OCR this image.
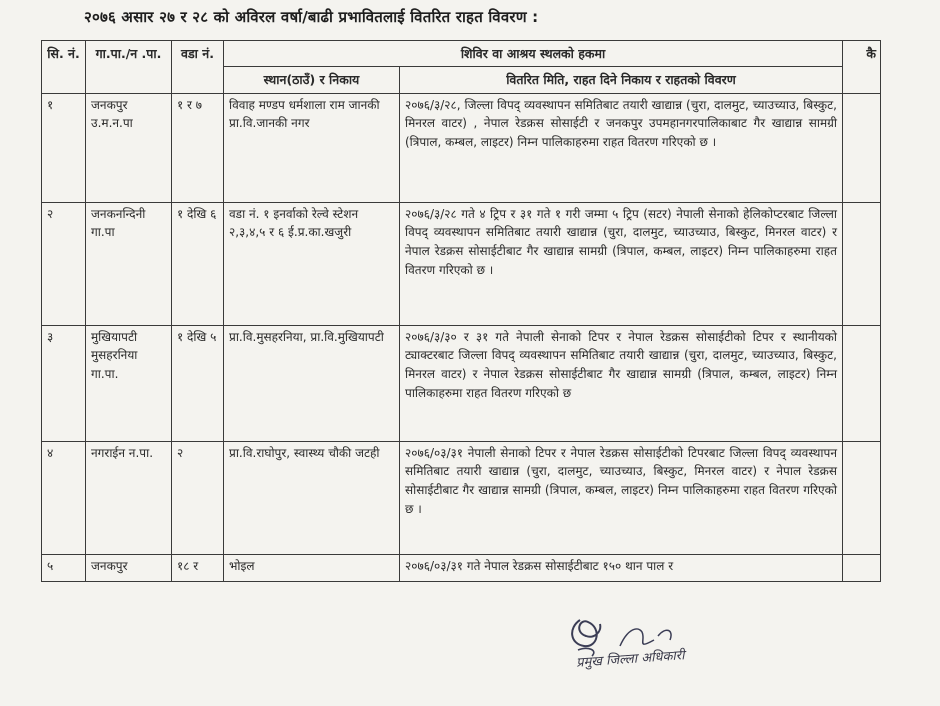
२०७६ असार २७ र २८ को अविरल वर्षा/बाढी प्रभावितलाई वितरित राहत विवरण :
सि. नं.	गा.पा./न .पा.	वडा नं.	शिविर वा आश्रय स्थलको हकमा		कै
			स्थान(ठाउँ) र निकाय	वितरित मिति, राहत दिने निकाय र राहतको विवरण	
१	जनकपुर उ.म.न.पा	१ र ७	विवाह मण्डप धर्मशाला राम जानकी प्रा.वि.जानकी नगर	२०७६/३/२८, जिल्ला विपद् व्यवस्थापन समितिबाट तयारी खाद्यान्न (चुरा, दालमुट, च्याउच्याउ, बिस्कुट, मिनरल वाटर) , नेपाल रेडक्रस सोसाईटी र जनकपुर उपमहानगरपालिकाबाट गैर खाद्यान्न सामग्री (त्रिपाल, कम्बल, लाइटर) निम्न पालिकाहरुमा राहत वितरण गरिएको छ ।	
२	जनकनन्दिनी गा.पा	१ देखि ६	वडा नं. १ इनर्वाको रेल्वे स्टेशन २,३,४,५ र ६ ई.प्र.का.खजुरी	२०७६/३/२८ गते ४ ट्रिप र ३१ गते १ गरी जम्मा ५ ट्रिप (सटर) नेपाली सेनाको हेलिकोप्टरबाट जिल्ला विपद् व्यवस्थापन समितिबाट तयारी खाद्यान्न (चुरा, दालमुट, च्याउच्याउ, बिस्कुट, मिनरल वाटर) र नेपाल रेडक्रस सोसाईटीबाट गैर खाद्यान्न सामग्री (त्रिपाल, कम्बल, लाइटर) निम्न पालिकाहरुमा राहत वितरण गरिएको छ ।	
३	मुखियापटी मुसहरनिया गा.पा.	१ देखि ५	प्रा.वि.मुसहरनिया, प्रा.वि.मुखियापटी	२०७६/३/३० र ३१ गते नेपाली सेनाको टिपर र नेपाल रेडक्रस सोसाईटीको टिपर र स्थानीयको ट्याक्टरबाट जिल्ला विपद् व्यवस्थापन समितिबाट तयारी खाद्यान्न (चुरा, दालमुट, च्याउच्याउ, बिस्कुट, मिनरल वाटर) र नेपाल रेडक्रस सोसाईटीबाट गैर खाद्यान्न सामग्री (त्रिपाल, कम्बल, लाइटर) निम्न पालिकाहरुमा राहत वितरण गरिएको छ	
४	नगराईन न.पा.	२	प्रा.वि.राघोपुर, स्वास्थ्य चौकी जटही	२०७६/०३/३१ नेपाली सेनाको टिपर र नेपाल रेडक्रस सोसाईटीको टिपरबाट जिल्ला विपद् व्यवस्थापन समितिबाट तयारी खाद्यान्न (चुरा, दालमुट, च्याउच्याउ, बिस्कुट, मिनरल वाटर) र नेपाल रेडक्रस सोसाईटीबाट गैर खाद्यान्न सामग्री (त्रिपाल, कम्बल, लाइटर) निम्न पालिकाहरुमा राहत वितरण गरिएको छ ।	
५	जनकपुर	१८ र	भोइल	२०७६/०३/३१ गते नेपाल रेडक्रस सोसाईटीबाट १५० थान पाल र	
प्रमुख जिल्ला अधिकारी
